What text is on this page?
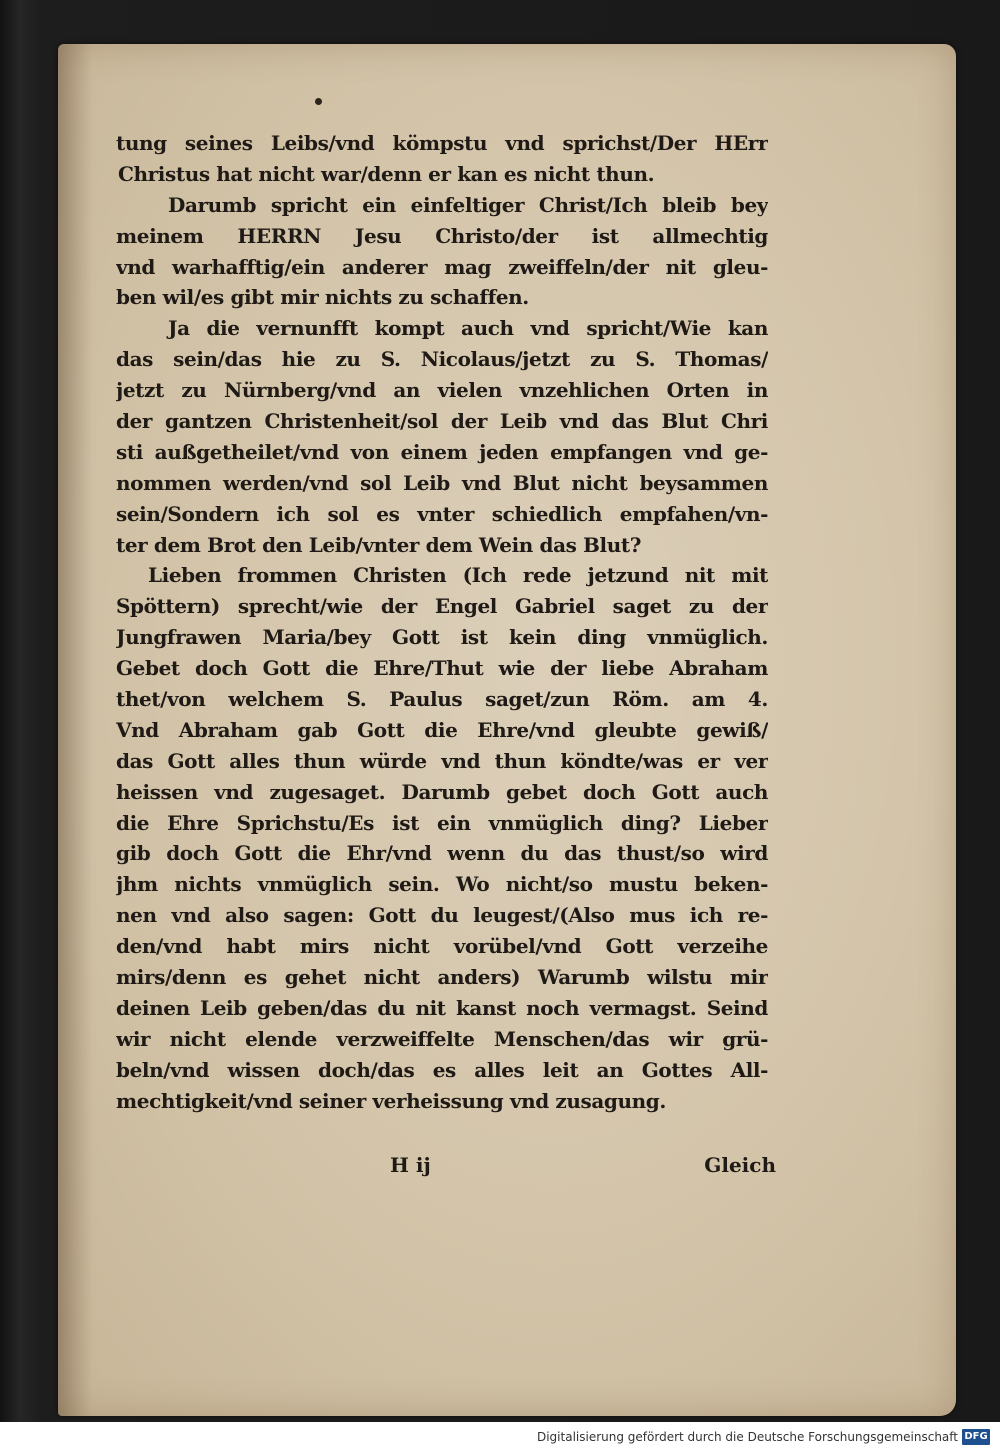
tung seines Leibs/vnd kömpstu vnd sprichst/Der HErr
Christus hat nicht war/denn er kan es nicht thun.
Darumb spricht ein einfeltiger Christ/Ich bleib bey
meinem HERRN Jesu Christo/der ist allmechtig
vnd warhafftig/ein anderer mag zweiffeln/der nit gleu-
ben wil/es gibt mir nichts zu schaffen.
Ja die vernunfft kompt auch vnd spricht/Wie kan
das sein/das hie zu S. Nicolaus/jetzt zu S. Thomas/
jetzt zu Nürnberg/vnd an vielen vnzehlichen Orten in
der gantzen Christenheit/sol der Leib vnd das Blut Chri
sti außgetheilet/vnd von einem jeden empfangen vnd ge-
nommen werden/vnd sol Leib vnd Blut nicht beysammen
sein/Sondern ich sol es vnter schiedlich empfahen/vn-
ter dem Brot den Leib/vnter dem Wein das Blut?
Lieben frommen Christen (Ich rede jetzund nit mit
Spöttern) sprecht/wie der Engel Gabriel saget zu der
Jungfrawen Maria/bey Gott ist kein ding vnmüglich.
Gebet doch Gott die Ehre/Thut wie der liebe Abraham
thet/von welchem S. Paulus saget/zun Röm. am 4.
Vnd Abraham gab Gott die Ehre/vnd gleubte gewiß/
das Gott alles thun würde vnd thun köndte/was er ver
heissen vnd zugesaget. Darumb gebet doch Gott auch
die Ehre Sprichstu/Es ist ein vnmüglich ding? Lieber
gib doch Gott die Ehr/vnd wenn du das thust/so wird
jhm nichts vnmüglich sein. Wo nicht/so mustu beken-
nen vnd also sagen: Gott du leugest/(Also mus ich re-
den/vnd habt mirs nicht vorübel/vnd Gott verzeihe
mirs/denn es gehet nicht anders) Warumb wilstu mir
deinen Leib geben/das du nit kanst noch vermagst. Seind
wir nicht elende verzweiffelte Menschen/das wir grü-
beln/vnd wissen doch/das es alles leit an Gottes All-
mechtigkeit/vnd seiner verheissung vnd zusagung.
H ij	Gleich
Digitalisierung gefördert durch die Deutsche Forschungsgemeinschaft DFG
